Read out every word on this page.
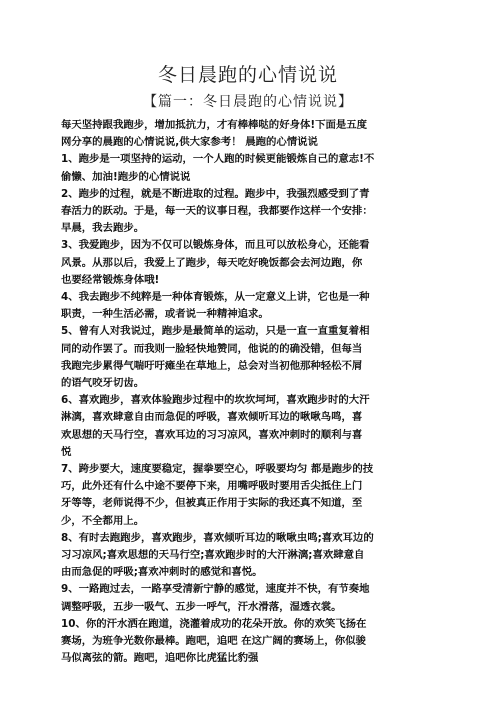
冬日晨跑的心情说说
【篇一：冬日晨跑的心情说说】

每天坚持跟我跑步，增加抵抗力，才有棒棒哒的好身体!下面是五度
网分享的晨跑的心情说说,供大家参考！ 晨跑的心情说说

1、跑步是一项坚持的运动，一个人跑的时候更能锻炼自己的意志!不
偷懒、加油!跑步的心情说说

2、跑步的过程，就是不断进取的过程。跑步中，我强烈感受到了青
春活力的跃动。于是，每一天的议事日程，我都要作这样一个安排：
早晨，我去跑步。

3、我爱跑步，因为不仅可以锻炼身体，而且可以放松身心，还能看
风景。从那以后，我爱上了跑步，每天吃好晚饭都会去河边跑，你
也要经常锻炼身体哦!

4、我去跑步不纯粹是一种体育锻炼，从一定意义上讲，它也是一种
职责，一种生活必需，或者说一种精神追求。

5、曾有人对我说过，跑步是最简单的运动，只是一直一直重复着相
同的动作罢了。而我则一脸轻快地赞同，他说的的确没错，但每当
我跑完步累得气喘吁吁瘫坐在草地上，总会对当初他那种轻松不屑
的语气咬牙切齿。

6、喜欢跑步，喜欢体验跑步过程中的坎坎坷坷，喜欢跑步时的大汗
淋漓，喜欢肆意自由而急促的呼吸，喜欢倾听耳边的啾啾鸟鸣，喜
欢思想的天马行空，喜欢耳边的习习凉风，喜欢冲刺时的顺利与喜
悦

7、跨步要大，速度要稳定，握拳要空心，呼吸要均匀 都是跑步的技
巧，此外还有什么中途不要停下来，用嘴呼吸时要用舌尖抵住上门
牙等等，老师说得不少，但被真正作用于实际的我还真不知道，至
少，不全都用上。

8、有时去跑跑步，喜欢跑步，喜欢倾听耳边的啾啾虫鸣;喜欢耳边的
习习凉风;喜欢思想的天马行空;喜欢跑步时的大汗淋漓;喜欢肆意自
由而急促的呼吸;喜欢冲刺时的感觉和喜悦。

9、一路跑过去，一路享受清新宁静的感觉，速度并不快，有节奏地
调整呼吸，五步一吸气、五步一呼气，汗水滑落，湿透衣裳。

10、你的汗水洒在跑道，浇灌着成功的花朵开放。你的欢笑飞扬在
赛场，为班争光数你最棒。跑吧，追吧 在这广阔的赛场上，你似骏
马似离弦的箭。跑吧，追吧你比虎猛比豹强
